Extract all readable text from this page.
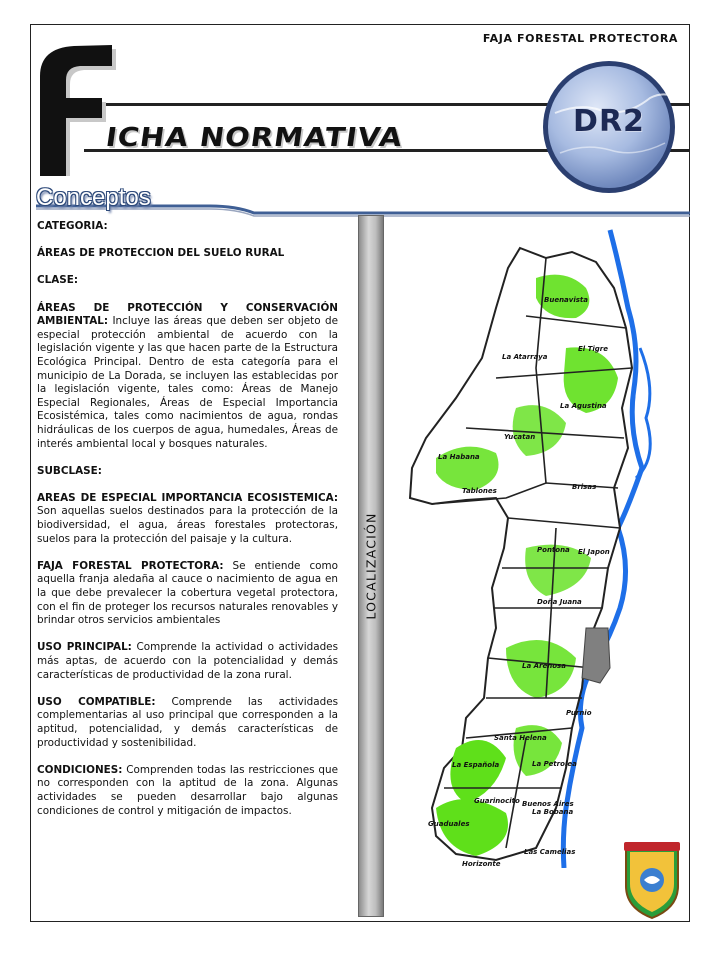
FAJA FORESTAL PROTECTORA
ICHA NORMATIVA	DR2
Conceptos

CATEGORIA:

ÁREAS DE PROTECCION DEL SUELO RURAL

CLASE:

ÁREAS DE PROTECCIÓN Y CONSERVACIÓN AMBIENTAL: Incluye las áreas que deben ser objeto de especial protección ambiental de acuerdo con la legislación vigente y las que hacen parte de la Estructura Ecológica Principal. Dentro de esta categoría para el municipio de La Dorada, se incluyen las establecidas por la legislación vigente, tales como: Áreas de Manejo Especial Regionales, Áreas de Especial Importancia Ecosistémica, tales como nacimientos de agua, rondas hidráulicas de los cuerpos de agua, humedales, Áreas de interés ambiental local y bosques naturales.

SUBCLASE:

AREAS DE ESPECIAL IMPORTANCIA ECOSISTEMICA: Son aquellas suelos destinados para la protección de la biodiversidad, el agua, áreas forestales protectoras, suelos para la protección del paisaje y la cultura.

FAJA FORESTAL PROTECTORA: Se entiende como aquella franja aledaña al cauce o nacimiento de agua en la que debe prevalecer la cobertura vegetal protectora, con el fin de proteger los recursos naturales renovables y brindar otros servicios ambientales

USO PRINCIPAL: Comprende la actividad o actividades más aptas, de acuerdo con la potencialidad y demás características de productividad de la zona rural.

USO COMPATIBLE: Comprende las actividades complementarias al uso principal que corresponden a la aptitud, potencialidad, y demás características de productividad y sostenibilidad.

CONDICIONES: Comprenden todas las restricciones que no corresponden con la aptitud de la zona. Algunas actividades se pueden desarrollar bajo algunas condiciones de control y mitigación de impactos.

LOCALIZACIÓN
Buenavista
La Atarraya
El Tigre
La Agustina
Yucatan
La Habana
Tablones	Brisas
Pontona El Japon
Doña Juana
La Arenosa
Purnio
Santa Helena
La Española	La Petrolea
Guarinocito Buenos Aires
Guaduales
Horizonte
Las Camelias
La Bobana
